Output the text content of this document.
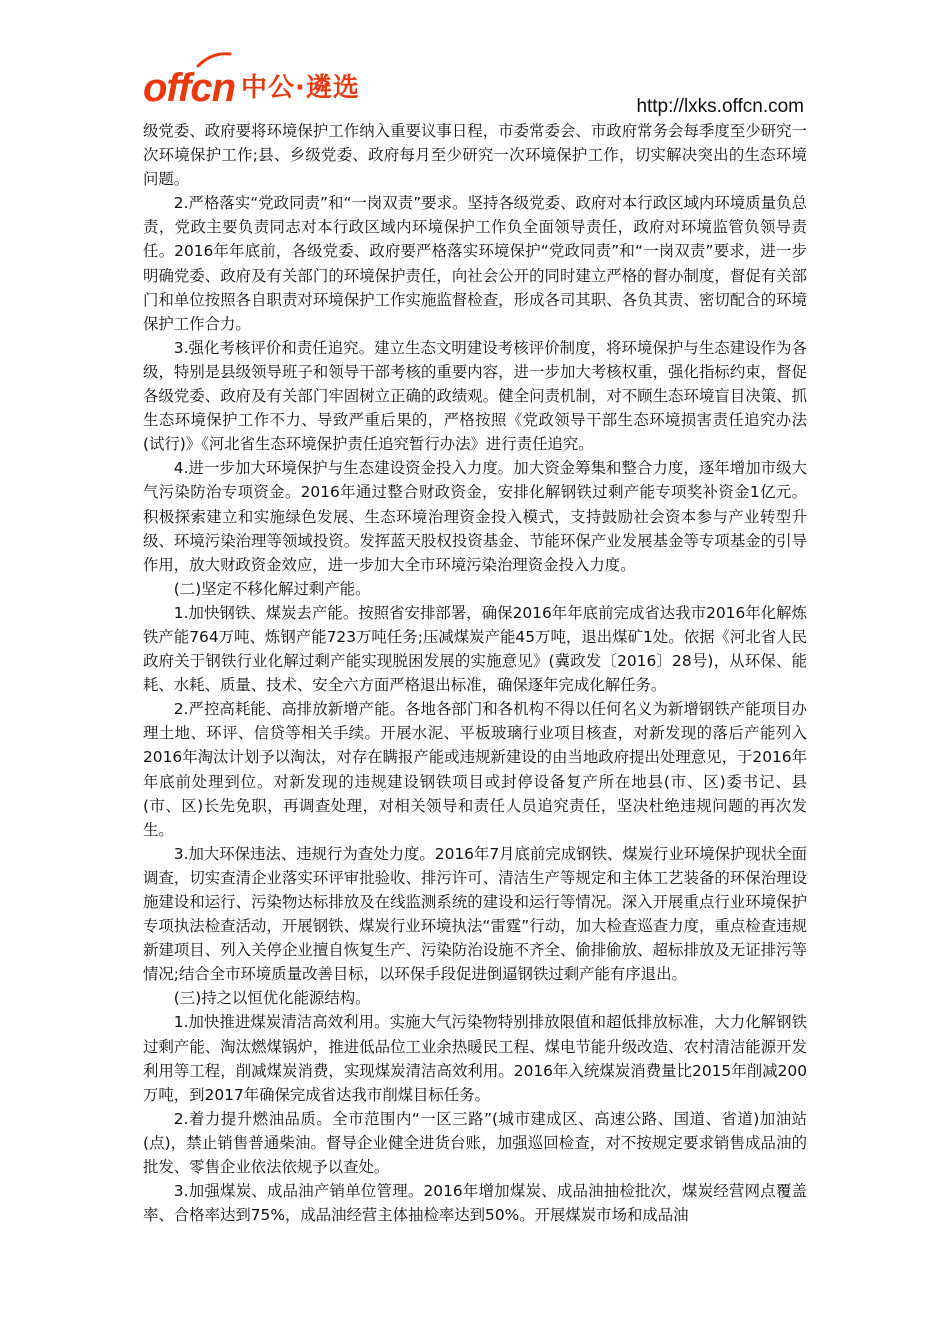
offcn 中公·遴选
http://lxks.offcn.com

级党委、政府要将环境保护工作纳入重要议事日程，市委常委会、市政府常务会每季度至少研究一次环境保护工作;县、乡级党委、政府每月至少研究一次环境保护工作，切实解决突出的生态环境问题。

2.严格落实“党政同责”和“一岗双责”要求。坚持各级党委、政府对本行政区域内环境质量负总责，党政主要负责同志对本行政区域内环境保护工作负全面领导责任，政府对环境监管负领导责任。2016年年底前，各级党委、政府要严格落实环境保护“党政同责”和“一岗双责”要求，进一步明确党委、政府及有关部门的环境保护责任，向社会公开的同时建立严格的督办制度，督促有关部门和单位按照各自职责对环境保护工作实施监督检查，形成各司其职、各负其责、密切配合的环境保护工作合力。

3.强化考核评价和责任追究。建立生态文明建设考核评价制度，将环境保护与生态建设作为各级，特别是县级领导班子和领导干部考核的重要内容，进一步加大考核权重，强化指标约束，督促各级党委、政府及有关部门牢固树立正确的政绩观。健全问责机制，对不顾生态环境盲目决策、抓生态环境保护工作不力、导致严重后果的，严格按照《党政领导干部生态环境损害责任追究办法(试行)》《河北省生态环境保护责任追究暂行办法》进行责任追究。

4.进一步加大环境保护与生态建设资金投入力度。加大资金筹集和整合力度，逐年增加市级大气污染防治专项资金。2016年通过整合财政资金，安排化解钢铁过剩产能专项奖补资金1亿元。积极探索建立和实施绿色发展、生态环境治理资金投入模式，支持鼓励社会资本参与产业转型升级、环境污染治理等领域投资。发挥蓝天股权投资基金、节能环保产业发展基金等专项基金的引导作用，放大财政资金效应，进一步加大全市环境污染治理资金投入力度。

(二)坚定不移化解过剩产能。

1.加快钢铁、煤炭去产能。按照省安排部署，确保2016年年底前完成省达我市2016年化解炼铁产能764万吨、炼钢产能723万吨任务;压减煤炭产能45万吨，退出煤矿1处。依据《河北省人民政府关于钢铁行业化解过剩产能实现脱困发展的实施意见》(冀政发〔2016〕28号)，从环保、能耗、水耗、质量、技术、安全六方面严格退出标准，确保逐年完成化解任务。

2.严控高耗能、高排放新增产能。各地各部门和各机构不得以任何名义为新增钢铁产能项目办理土地、环评、信贷等相关手续。开展水泥、平板玻璃行业项目核查，对新发现的落后产能列入2016年淘汰计划予以淘汰，对存在瞒报产能或违规新建设的由当地政府提出处理意见，于2016年年底前处理到位。对新发现的违规建设钢铁项目或封停设备复产所在地县(市、区)委书记、县(市、区)长先免职，再调查处理，对相关领导和责任人员追究责任，坚决杜绝违规问题的再次发生。

3.加大环保违法、违规行为查处力度。2016年7月底前完成钢铁、煤炭行业环境保护现状全面调查，切实查清企业落实环评审批验收、排污许可、清洁生产等规定和主体工艺装备的环保治理设施建设和运行、污染物达标排放及在线监测系统的建设和运行等情况。深入开展重点行业环境保护专项执法检查活动，开展钢铁、煤炭行业环境执法“雷霆”行动，加大检查巡查力度，重点检查违规新建项目、列入关停企业擅自恢复生产、污染防治设施不齐全、偷排偷放、超标排放及无证排污等情况;结合全市环境质量改善目标，以环保手段促进倒逼钢铁过剩产能有序退出。

(三)持之以恒优化能源结构。

1.加快推进煤炭清洁高效利用。实施大气污染物特别排放限值和超低排放标准，大力化解钢铁过剩产能、淘汰燃煤锅炉，推进低品位工业余热暖民工程、煤电节能升级改造、农村清洁能源开发利用等工程，削减煤炭消费，实现煤炭清洁高效利用。2016年入统煤炭消费量比2015年削减200万吨，到2017年确保完成省达我市削煤目标任务。

2.着力提升燃油品质。全市范围内“一区三路”(城市建成区、高速公路、国道、省道)加油站(点)，禁止销售普通柴油。督导企业健全进货台账，加强巡回检查，对不按规定要求销售成品油的批发、零售企业依法依规予以查处。

3.加强煤炭、成品油产销单位管理。2016年增加煤炭、成品油抽检批次，煤炭经营网点覆盖率、合格率达到75%，成品油经营主体抽检率达到50%。开展煤炭市场和成品油
